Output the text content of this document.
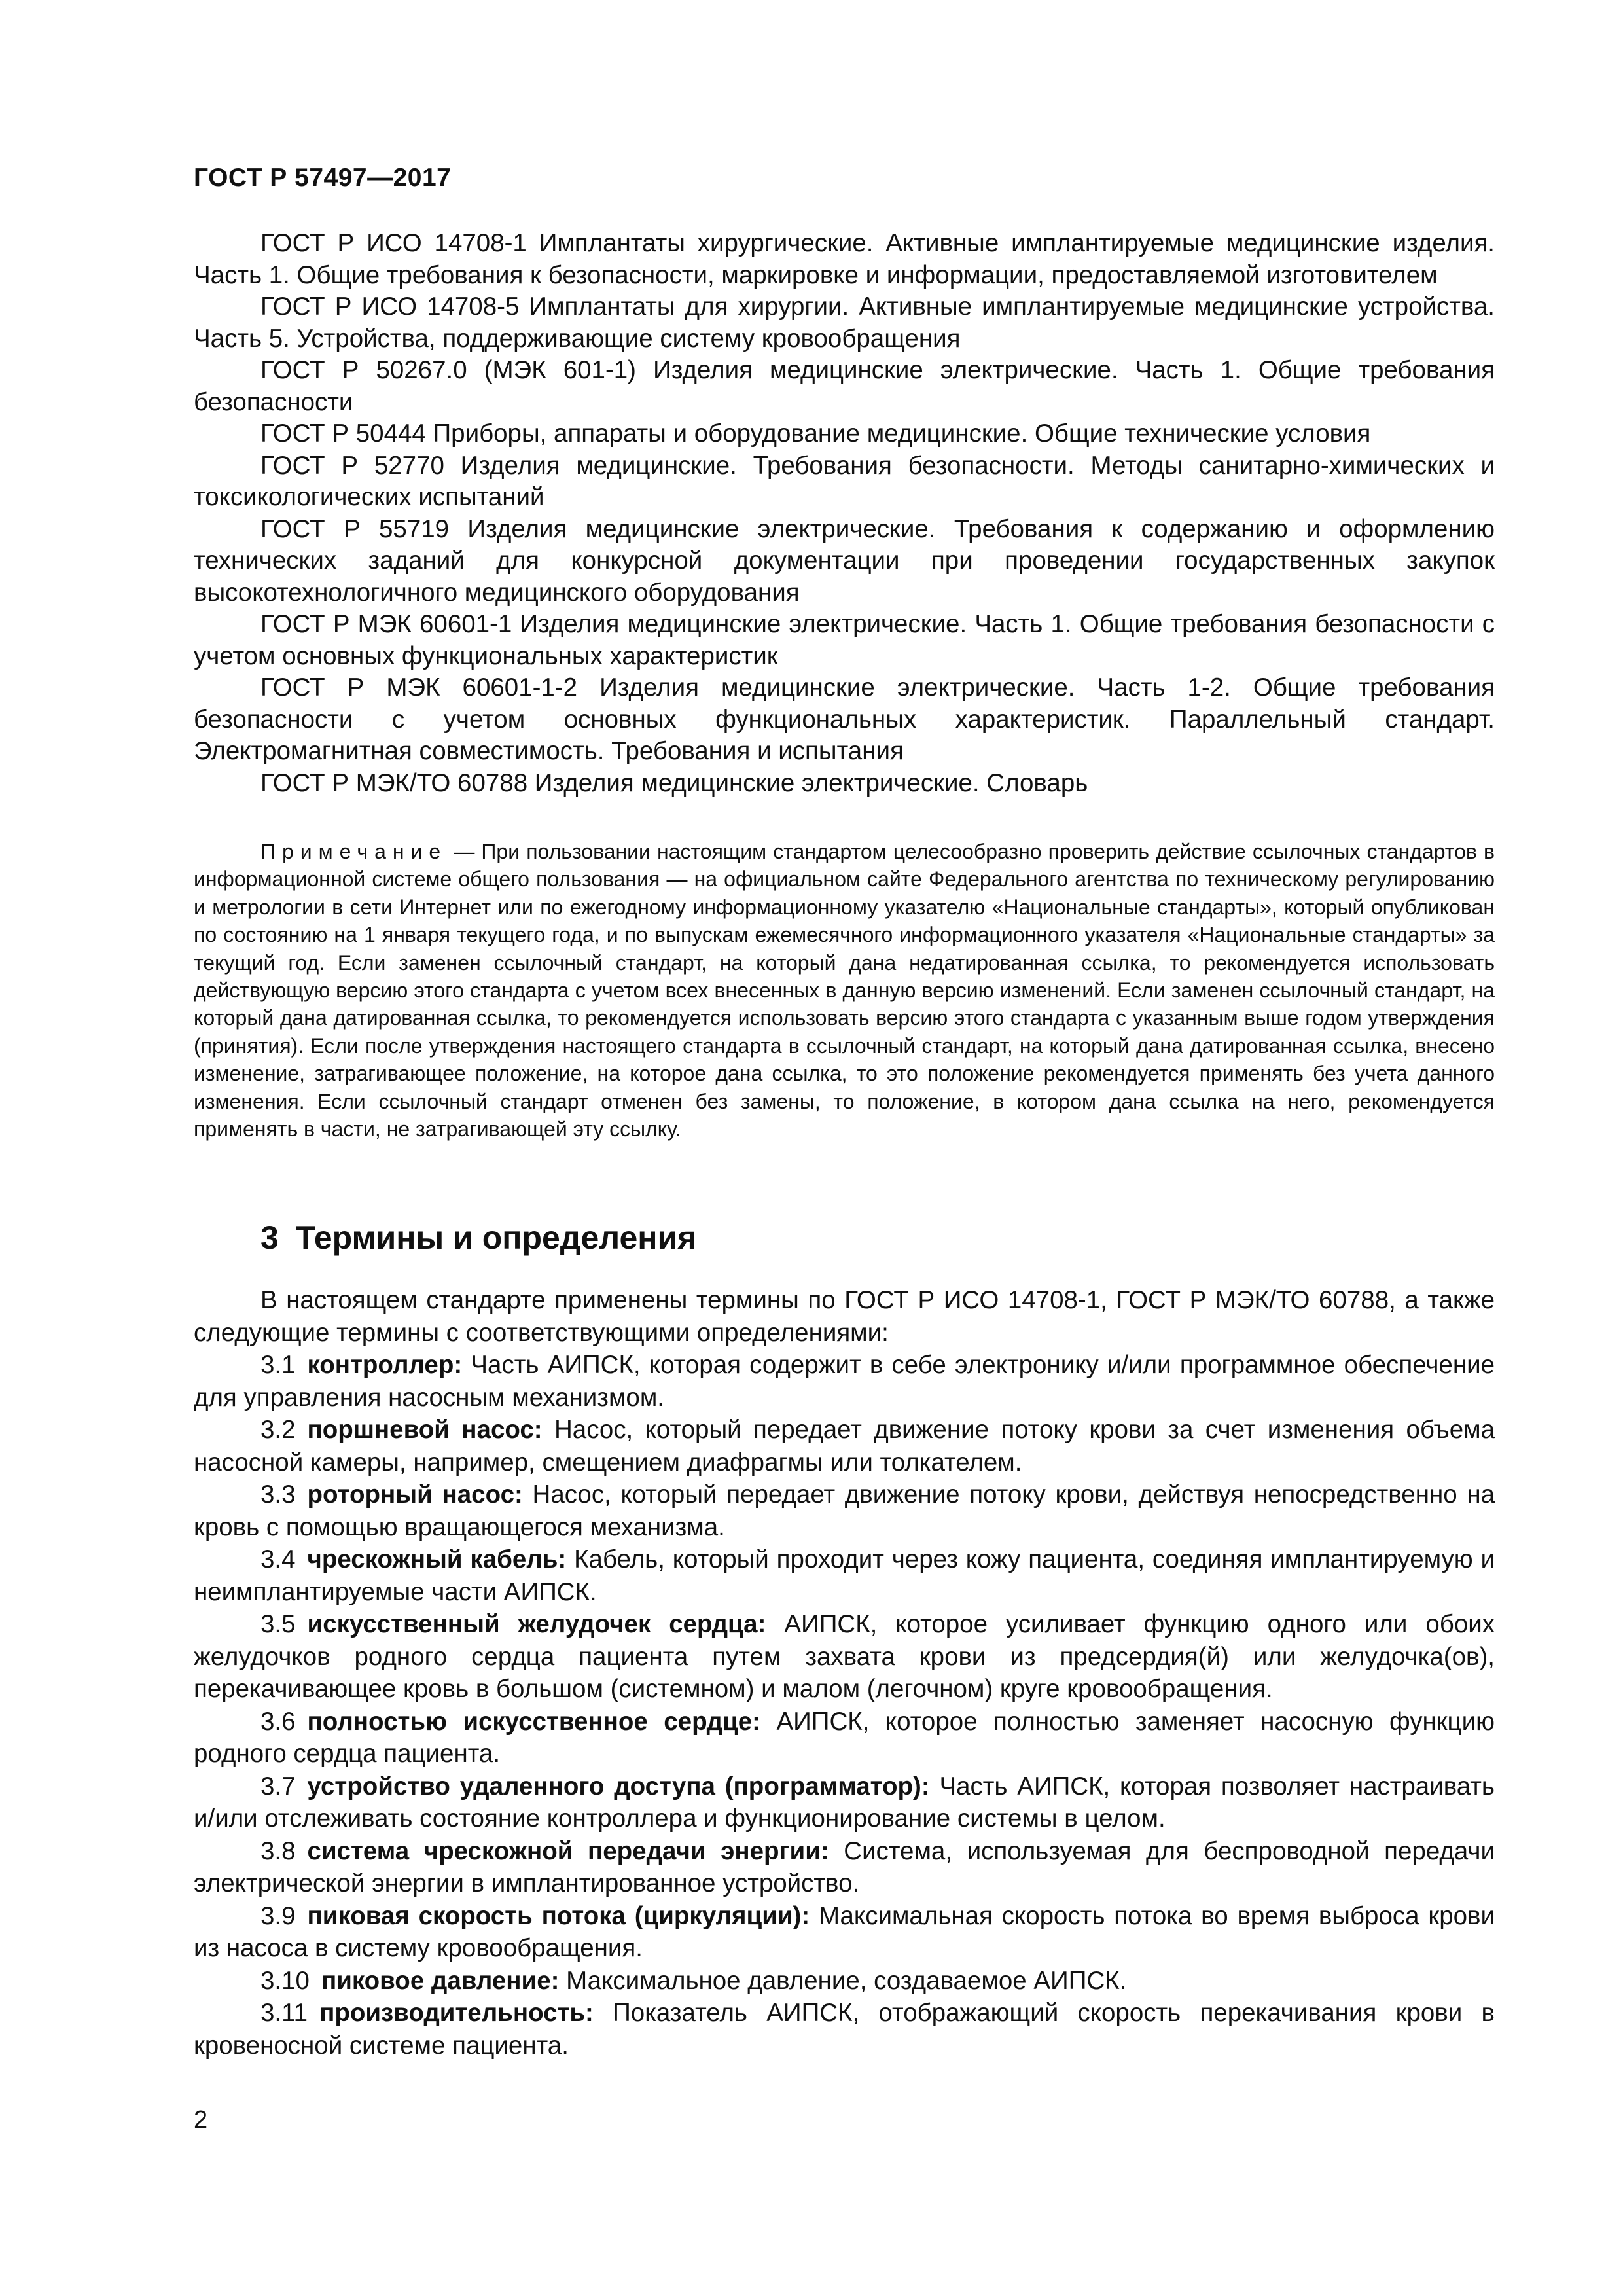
ГОСТ Р 57497—2017

ГОСТ Р ИСО 14708-1 Имплантаты хирургические. Активные имплантируемые медицинские изделия. Часть 1. Общие требования к безопасности, маркировке и информации, предоставляемой изготовителем

ГОСТ Р ИСО 14708-5 Имплантаты для хирургии. Активные имплантируемые медицинские устройства. Часть 5. Устройства, поддерживающие систему кровообращения

ГОСТ Р 50267.0 (МЭК 601-1) Изделия медицинские электрические. Часть 1. Общие требования безопасности

ГОСТ Р 50444 Приборы, аппараты и оборудование медицинские. Общие технические условия

ГОСТ Р 52770 Изделия медицинские. Требования безопасности. Методы санитарно-химических и токсикологических испытаний

ГОСТ Р 55719 Изделия медицинские электрические. Требования к содержанию и оформлению технических заданий для конкурсной документации при проведении государственных закупок высокотехнологичного медицинского оборудования

ГОСТ Р МЭК 60601-1 Изделия медицинские электрические. Часть 1. Общие требования безопасности с учетом основных функциональных характеристик

ГОСТ Р МЭК 60601-1-2 Изделия медицинские электрические. Часть 1-2. Общие требования безопасности с учетом основных функциональных характеристик. Параллельный стандарт. Электромагнитная совместимость. Требования и испытания

ГОСТ Р МЭК/ТО 60788 Изделия медицинские электрические. Словарь

Примечание — При пользовании настоящим стандартом целесообразно проверить действие ссылочных стандартов в информационной системе общего пользования — на официальном сайте Федерального агентства по техническому регулированию и метрологии в сети Интернет или по ежегодному информационному указателю «Национальные стандарты», который опубликован по состоянию на 1 января текущего года, и по выпускам ежемесячного информационного указателя «Национальные стандарты» за текущий год. Если заменен ссылочный стандарт, на который дана недатированная ссылка, то рекомендуется использовать действующую версию этого стандарта с учетом всех внесенных в данную версию изменений. Если заменен ссылочный стандарт, на который дана датированная ссылка, то рекомендуется использовать версию этого стандарта с указанным выше годом утверждения (принятия). Если после утверждения настоящего стандарта в ссылочный стандарт, на который дана датированная ссылка, внесено изменение, затрагивающее положение, на которое дана ссылка, то это положение рекомендуется применять без учета данного изменения. Если ссылочный стандарт отменен без замены, то положение, в котором дана ссылка на него, рекомендуется применять в части, не затрагивающей эту ссылку.

3 Термины и определения

В настоящем стандарте применены термины по ГОСТ Р ИСО 14708-1, ГОСТ Р МЭК/ТО 60788, а также следующие термины с соответствующими определениями:

3.1 контроллер: Часть АИПСК, которая содержит в себе электронику и/или программное обеспечение для управления насосным механизмом.

3.2 поршневой насос: Насос, который передает движение потоку крови за счет изменения объема насосной камеры, например, смещением диафрагмы или толкателем.

3.3 роторный насос: Насос, который передает движение потоку крови, действуя непосредственно на кровь с помощью вращающегося механизма.

3.4 чрескожный кабель: Кабель, который проходит через кожу пациента, соединяя имплантируемую и неимплантируемые части АИПСК.

3.5 искусственный желудочек сердца: АИПСК, которое усиливает функцию одного или обоих желудочков родного сердца пациента путем захвата крови из предсердия(й) или желудочка(ов), перекачивающее кровь в большом (системном) и малом (легочном) круге кровообращения.

3.6 полностью искусственное сердце: АИПСК, которое полностью заменяет насосную функцию родного сердца пациента.

3.7 устройство удаленного доступа (программатор): Часть АИПСК, которая позволяет настраивать и/или отслеживать состояние контроллера и функционирование системы в целом.

3.8 система чрескожной передачи энергии: Система, используемая для беспроводной передачи электрической энергии в имплантированное устройство.

3.9 пиковая скорость потока (циркуляции): Максимальная скорость потока во время выброса крови из насоса в систему кровообращения.

3.10 пиковое давление: Максимальное давление, создаваемое АИПСК.

3.11 производительность: Показатель АИПСК, отображающий скорость перекачивания крови в кровеносной системе пациента.

2
